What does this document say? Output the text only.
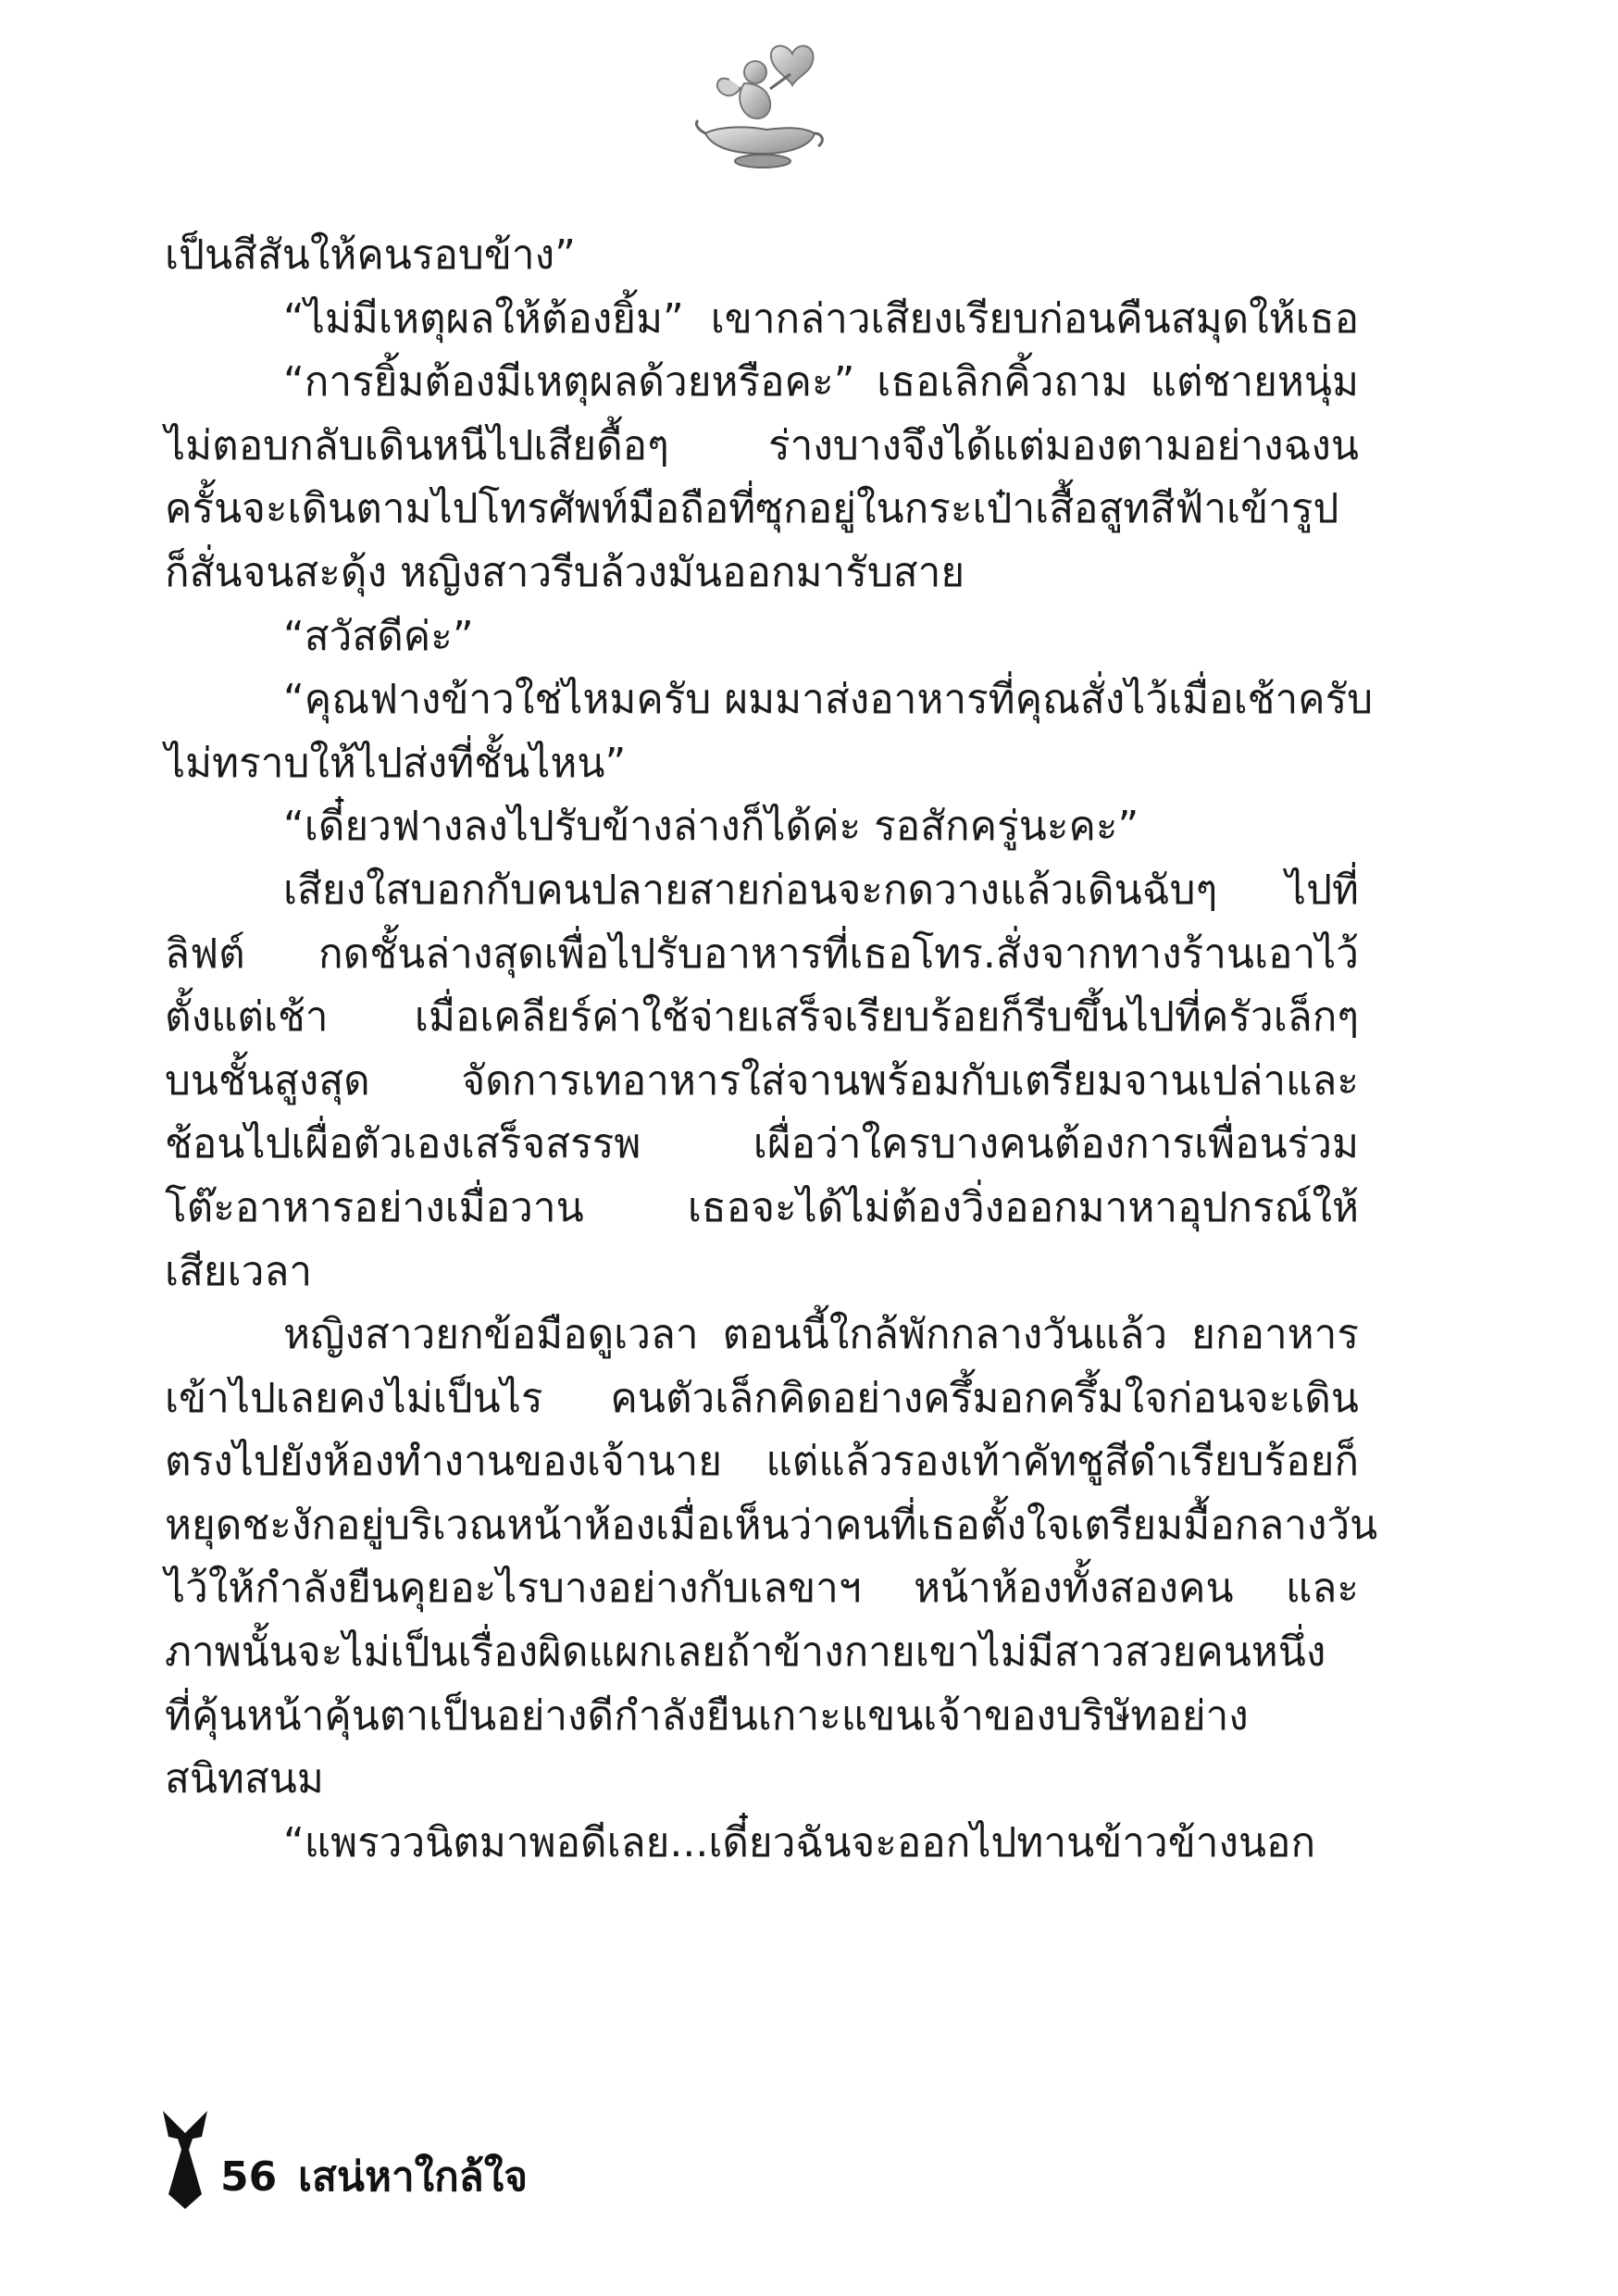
เป็นสีสันให้คนรอบข้าง”
“ไม่มีเหตุผลให้ต้องยิ้ม” เขากล่าวเสียงเรียบก่อนคืนสมุดให้เธอ
“การยิ้มต้องมีเหตุผลด้วยหรือคะ” เธอเลิกคิ้วถาม แต่ชายหนุ่ม
ไม่ตอบกลับเดินหนีไปเสียดื้อๆ ร่างบางจึงได้แต่มองตามอย่างฉงน
ครั้นจะเดินตามไปโทรศัพท์มือถือที่ซุกอยู่ในกระเป๋าเสื้อสูทสีฟ้าเข้ารูป
ก็สั่นจนสะดุ้ง หญิงสาวรีบล้วงมันออกมารับสาย
“สวัสดีค่ะ”
“คุณฟางข้าวใช่ไหมครับ ผมมาส่งอาหารที่คุณสั่งไว้เมื่อเช้าครับ
ไม่ทราบให้ไปส่งที่ชั้นไหน”
“เดี๋ยวฟางลงไปรับข้างล่างก็ได้ค่ะ รอสักครู่นะคะ”
เสียงใสบอกกับคนปลายสายก่อนจะกดวางแล้วเดินฉับๆ ไปที่
ลิฟต์ กดชั้นล่างสุดเพื่อไปรับอาหารที่เธอโทร.สั่งจากทางร้านเอาไว้
ตั้งแต่เช้า เมื่อเคลียร์ค่าใช้จ่ายเสร็จเรียบร้อยก็รีบขึ้นไปที่ครัวเล็กๆ
บนชั้นสูงสุด จัดการเทอาหารใส่จานพร้อมกับเตรียมจานเปล่าและ
ช้อนไปเผื่อตัวเองเสร็จสรรพ เผื่อว่าใครบางคนต้องการเพื่อนร่วม
โต๊ะอาหารอย่างเมื่อวาน เธอจะได้ไม่ต้องวิ่งออกมาหาอุปกรณ์ให้
เสียเวลา
หญิงสาวยกข้อมือดูเวลา ตอนนี้ใกล้พักกลางวันแล้ว ยกอาหาร
เข้าไปเลยคงไม่เป็นไร คนตัวเล็กคิดอย่างครึ้มอกครึ้มใจก่อนจะเดิน
ตรงไปยังห้องทำงานของเจ้านาย แต่แล้วรองเท้าคัทชูสีดำเรียบร้อยก็
หยุดชะงักอยู่บริเวณหน้าห้องเมื่อเห็นว่าคนที่เธอตั้งใจเตรียมมื้อกลางวัน
ไว้ให้กำลังยืนคุยอะไรบางอย่างกับเลขาฯ หน้าห้องทั้งสองคน และ
ภาพนั้นจะไม่เป็นเรื่องผิดแผกเลยถ้าข้างกายเขาไม่มีสาวสวยคนหนึ่ง
ที่คุ้นหน้าคุ้นตาเป็นอย่างดีกำลังยืนเกาะแขนเจ้าของบริษัทอย่าง
สนิทสนม
“แพรววนิตมาพอดีเลย...เดี๋ยวฉันจะออกไปทานข้าวข้างนอก
56 เสน่หาใกล้ใจ
